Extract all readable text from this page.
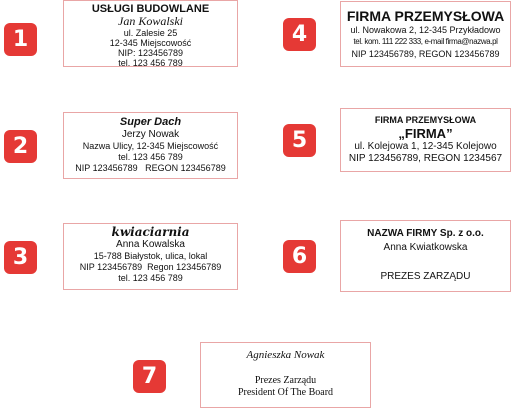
1
2
3
4
5
6
7
USŁUGI BUDOWLANE
Jan Kowalski
ul. Zalesie 25
12-345 Miejscowość
NIP: 123456789
tel. 123 456 789
Super Dach
Jerzy Nowak
Nazwa Ulicy, 12-345 Miejscowość
tel. 123 456 789
NIP 123456789   REGON 123456789
kwiaciarnia
Anna Kowalska
15-788 Białystok, ulica, lokal
NIP 123456789  Regon 123456789
tel. 123 456 789
FIRMA PRZEMYSŁOWA
ul. Nowakowa 2, 12-345 Przykładowo
tel. kom. 111 222 333, e-mail firma@nazwa.pl
NIP 123456789, REGON 123456789
FIRMA PRZEMYSŁOWA
„FIRMA”
ul. Kolejowa 1, 12-345 Kolejowo
NIP 123456789, REGON 1234567
NAZWA FIRMY Sp. z o.o.
Anna Kwiatkowska
PREZES ZARZĄDU
Agnieszka Nowak
Prezes Zarządu
President Of The Board
